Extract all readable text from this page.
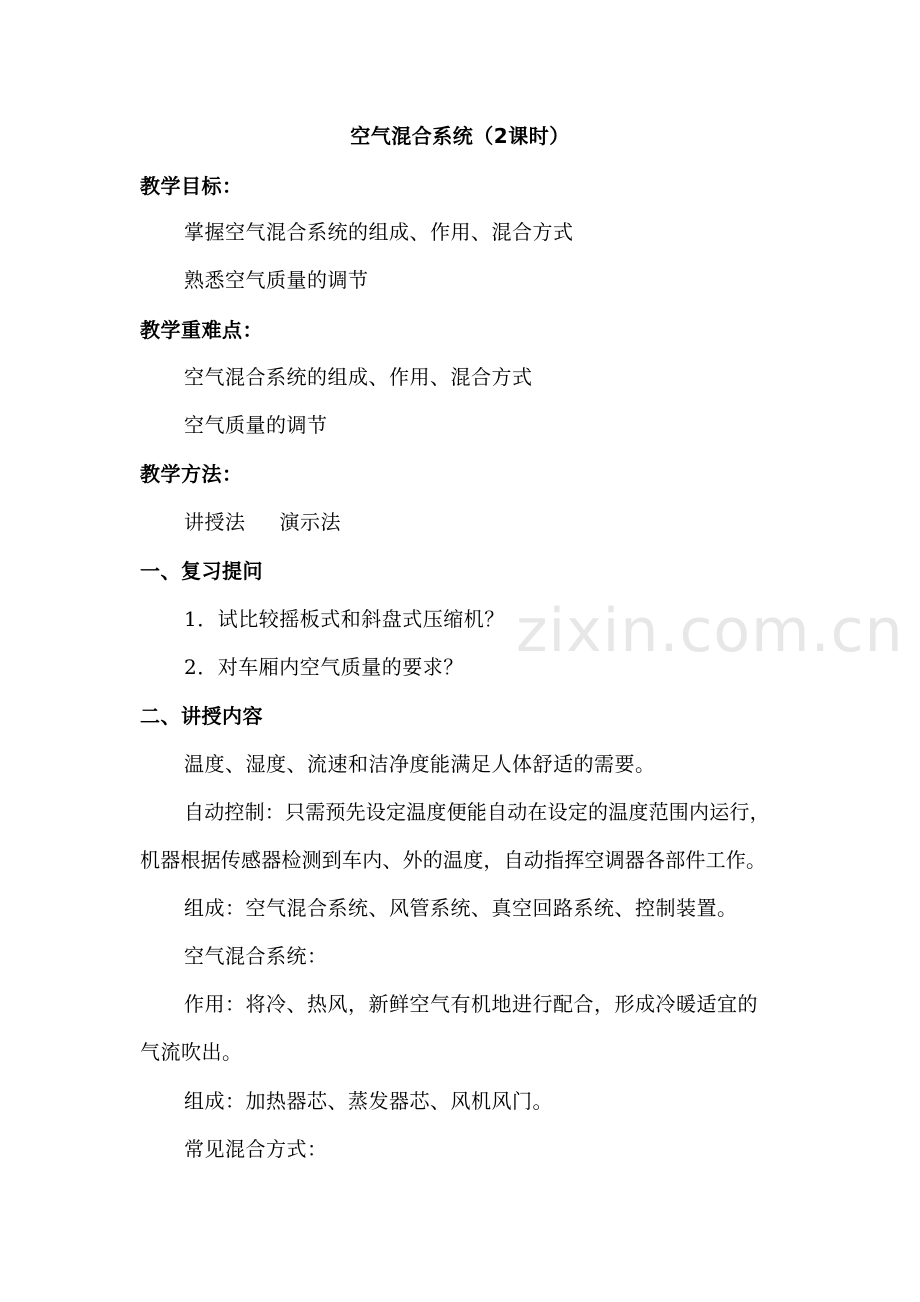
zixin.com.cn
空气混合系统（2课时）
教学目标：
掌握空气混合系统的组成、作用、混合方式
熟悉空气质量的调节
教学重难点：
空气混合系统的组成、作用、混合方式
空气质量的调节
教学方法：
讲授法 演示法
一、复习提问
1．试比较摇板式和斜盘式压缩机？
2．对车厢内空气质量的要求？
二、讲授内容
温度、湿度、流速和洁净度能满足人体舒适的需要。
自动控制：只需预先设定温度便能自动在设定的温度范围内运行，
机器根据传感器检测到车内、外的温度，自动指挥空调器各部件工作。
组成：空气混合系统、风管系统、真空回路系统、控制装置。
空气混合系统：
作用：将冷、热风，新鲜空气有机地进行配合，形成冷暖适宜的
气流吹出。
组成：加热器芯、蒸发器芯、风机风门。
常见混合方式：
